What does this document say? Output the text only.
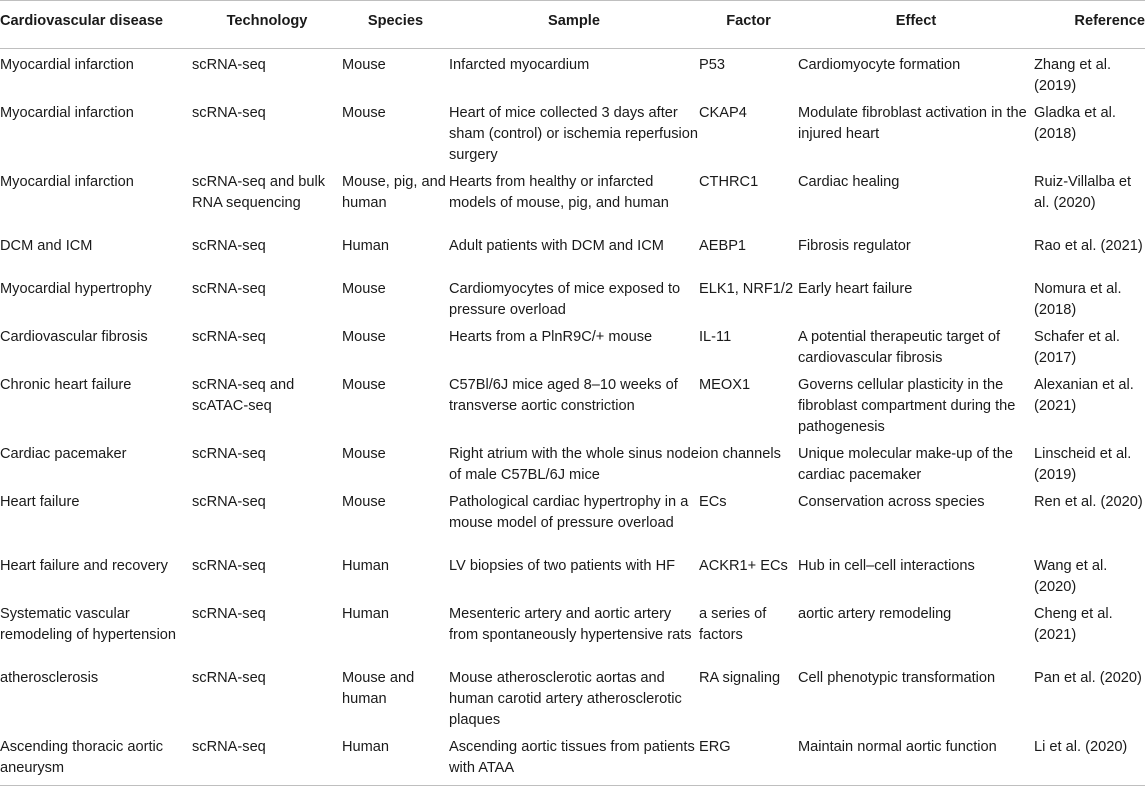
Cardiovascular disease	Technology	Species	Sample	Factor	Effect	Reference

Myocardial infarction	scRNA-seq	Mouse	Infarcted myocardium	P53	Cardiomyocyte formation	Zhang et al. (2019)

Myocardial infarction	scRNA-seq	Mouse	Heart of mice collected 3 days after sham (control) or ischemia reperfusion surgery	CKAP4	Modulate fibroblast activation in the injured heart	Gladka et al. (2018)

Myocardial infarction	scRNA-seq and bulk RNA sequencing	Mouse, pig, and human	Hearts from healthy or infarcted models of mouse, pig, and human	CTHRC1	Cardiac healing	Ruiz-Villalba et al. (2020)

DCM and ICM	scRNA-seq	Human	Adult patients with DCM and ICM	AEBP1	Fibrosis regulator	Rao et al. (2021)

Myocardial hypertrophy	scRNA-seq	Mouse	Cardiomyocytes of mice exposed to pressure overload	ELK1, NRF1/2	Early heart failure	Nomura et al. (2018)

Cardiovascular fibrosis	scRNA-seq	Mouse	Hearts from a PlnR9C/+ mouse	IL-11	A potential therapeutic target of cardiovascular fibrosis	Schafer et al. (2017)

Chronic heart failure	scRNA-seq and scATAC-seq	Mouse	C57Bl/6J mice aged 8–10 weeks of transverse aortic constriction	MEOX1	Governs cellular plasticity in the fibroblast compartment during the pathogenesis	Alexanian et al. (2021)

Cardiac pacemaker	scRNA-seq	Mouse	Right atrium with the whole sinus node of male C57BL/6J mice	ion channels	Unique molecular make-up of the cardiac pacemaker	Linscheid et al. (2019)

Heart failure	scRNA-seq	Mouse	Pathological cardiac hypertrophy in a mouse model of pressure overload	ECs	Conservation across species	Ren et al. (2020)

Heart failure and recovery	scRNA-seq	Human	LV biopsies of two patients with HF	ACKR1+ ECs	Hub in cell–cell interactions	Wang et al. (2020)

Systematic vascular remodeling of hypertension	scRNA-seq	Human	Mesenteric artery and aortic artery from spontaneously hypertensive rats	a series of factors	aortic artery remodeling	Cheng et al. (2021)

atherosclerosis	scRNA-seq	Mouse and human	Mouse atherosclerotic aortas and human carotid artery atherosclerotic plaques	RA signaling	Cell phenotypic transformation	Pan et al. (2020)

Ascending thoracic aortic aneurysm	scRNA-seq	Human	Ascending aortic tissues from patients with ATAA	ERG	Maintain normal aortic function	Li et al. (2020)
